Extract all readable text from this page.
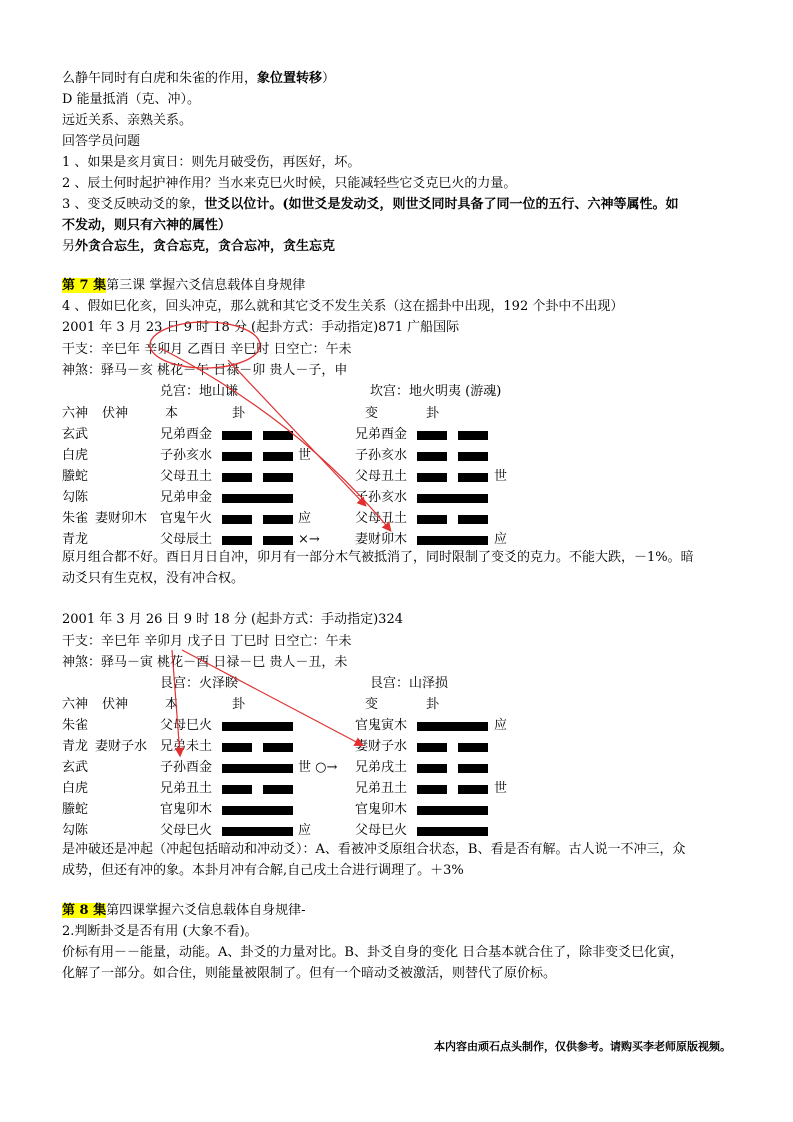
么静午同时有白虎和朱雀的作用，象位置转移）
D 能量抵消（克、冲）。
远近关系、亲熟关系。
回答学员问题
1 、如果是亥月寅日：则先月破受伤，再医好，坏。
2 、辰土何时起护神作用？当水来克巳火时候，只能减轻些它爻克巳火的力量。
3 、变爻反映动爻的象，世爻以位计。(如世爻是发动爻，则世爻同时具备了同一位的五行、六神等属性。如
不发动，则只有六神的属性）
另外贪合忘生，贪合忘克，贪合忘冲，贪生忘克
第 7 集第三课 掌握六爻信息载体自身规律
4 、假如巳化亥，回头冲克，那么就和其它爻不发生关系（这在摇卦中出现，192 个卦中不出现）
2001 年 3 月 23 日 9 时 18 分 (起卦方式：手动指定)871 广船国际
干支：辛巳年 辛卯月 乙酉日 辛巳时 日空亡：午未
神煞：驿马－亥 桃花－午 日禄－卯 贵人－子，申
兑宫：地山谦	坎宫：地火明夷 (游魂)
六神 伏神	本	卦	变	卦
玄武	兄弟酉金	兄弟酉金
白虎	子孙亥水	世	子孙亥水
螣蛇	父母丑土	父母丑土	世
勾陈	兄弟申金	子孙亥水
朱雀 妻财卯木 官鬼午火	应	父母丑土
青龙	父母辰土	×→	妻财卯木	应
原月组合都不好。酉日月日自冲，卯月有一部分木气被抵消了，同时限制了变爻的克力。不能大跌，－1%。暗
动爻只有生克权，没有冲合权。
2001 年 3 月 26 日 9 时 18 分 (起卦方式：手动指定)324
干支：辛巳年 辛卯月 戊子日 丁巳时 日空亡：午未
神煞：驿马－寅 桃花－酉 日禄－巳 贵人－丑，未
艮宫：火泽睽	艮宫：山泽损
六神 伏神	本	卦	变	卦
朱雀	父母巳火	官鬼寅木	应
青龙 妻财子水 兄弟未土	妻财子水
玄武	子孙酉金	世 ○→ 兄弟戌土
白虎	兄弟丑土	兄弟丑土	世
螣蛇	官鬼卯木	官鬼卯木
勾陈	父母巳火	应	父母巳火
是冲破还是冲起（冲起包括暗动和冲动爻）：A、看被冲爻原组合状态，B、看是否有解。古人说一不冲三，众
成势，但还有冲的象。本卦月冲有合解,自己戌土合进行调理了。＋3%
第 8 集第四课掌握六爻信息载体自身规律-
2.判断卦爻是否有用 (大象不看)。
价标有用－－能量，动能。A、卦爻的力量对比。B、卦爻自身的变化 日合基本就合住了，除非变爻巳化寅，
化解了一部分。如合住，则能量被限制了。但有一个暗动爻被激活，则替代了原价标。
本内容由顽石点头制作，仅供参考。请购买李老师原版视频。
